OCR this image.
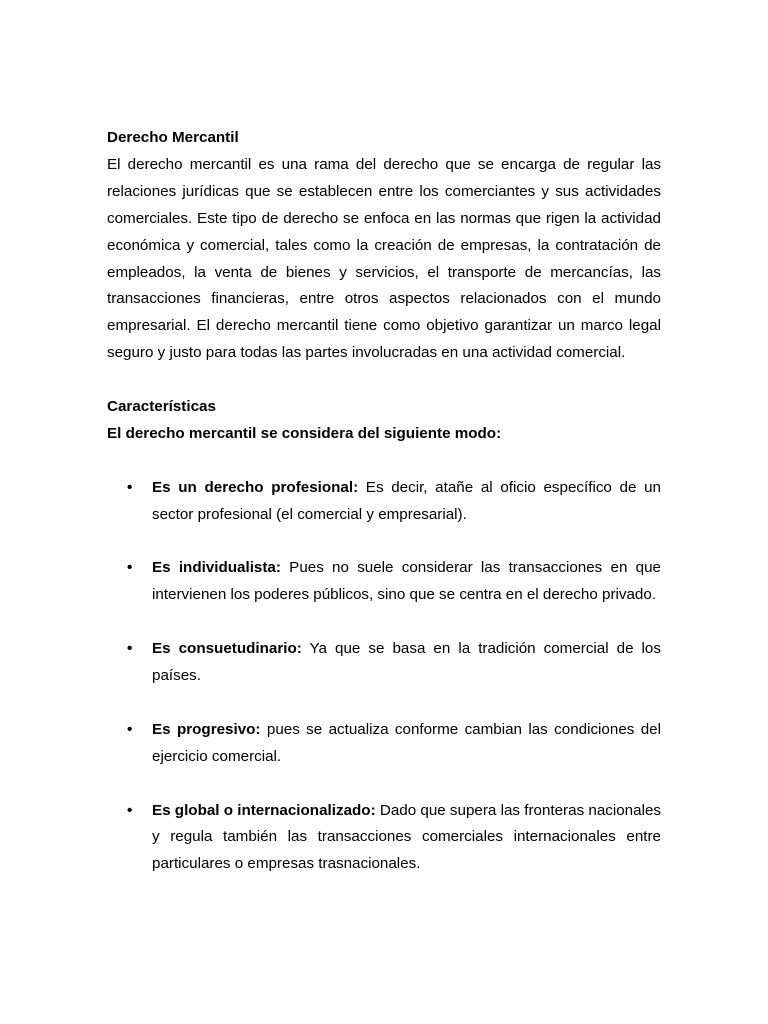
Derecho Mercantil

El derecho mercantil es una rama del derecho que se encarga de regular las relaciones jurídicas que se establecen entre los comerciantes y sus actividades comerciales. Este tipo de derecho se enfoca en las normas que rigen la actividad económica y comercial, tales como la creación de empresas, la contratación de empleados, la venta de bienes y servicios, el transporte de mercancías, las transacciones financieras, entre otros aspectos relacionados con el mundo empresarial. El derecho mercantil tiene como objetivo garantizar un marco legal seguro y justo para todas las partes involucradas en una actividad comercial.

Características

El derecho mercantil se considera del siguiente modo:

• Es un derecho profesional: Es decir, atañe al oficio específico de un sector profesional (el comercial y empresarial).
• Es individualista: Pues no suele considerar las transacciones en que intervienen los poderes públicos, sino que se centra en el derecho privado.
• Es consuetudinario: Ya que se basa en la tradición comercial de los países.
• Es progresivo: pues se actualiza conforme cambian las condiciones del ejercicio comercial.
• Es global o internacionalizado: Dado que supera las fronteras nacionales y regula también las transacciones comerciales internacionales entre particulares o empresas trasnacionales.
